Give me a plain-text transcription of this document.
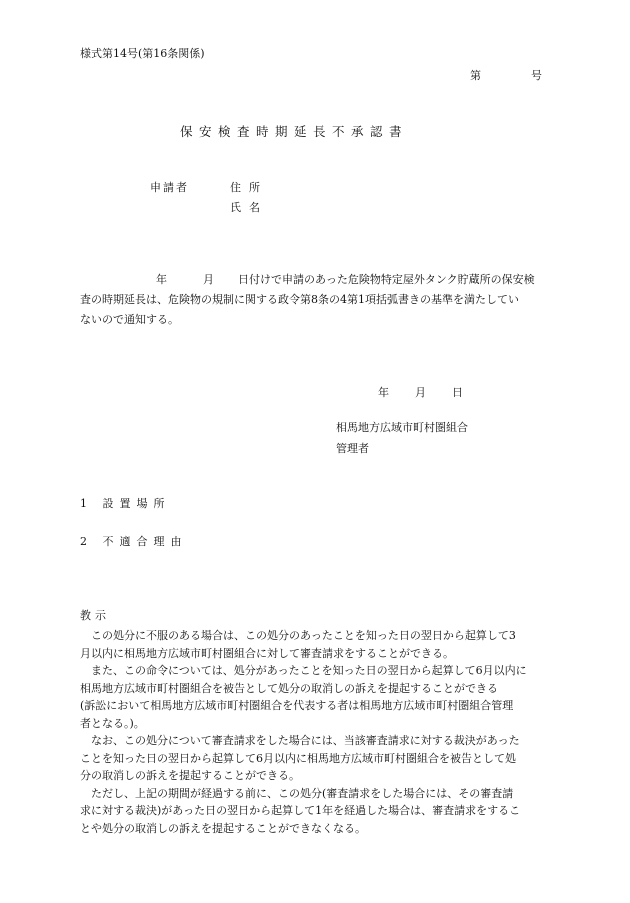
様式第14号(第16条関係)
第	号
保安検査時期延長不承認書
申請者	住所
氏名

年	月 日付けで申請のあった危険物特定屋外タンク貯蔵所の保安検

査の時期延長は、危険物の規制に関する政令第8条の4第1項括弧書きの基準を満たしてい

ないので通知する。

年 月 日
相馬地方広域市町村圏組合
管理者
1 設置場所
2 不適合理由
教示

この処分に不服のある場合は、この処分のあったことを知った日の翌日から起算して3

月以内に相馬地方広域市町村圏組合に対して審査請求をすることができる。

また、この命令については、処分があったことを知った日の翌日から起算して6月以内に

相馬地方広域市町村圏組合を被告として処分の取消しの訴えを提起することができる

(訴訟において相馬地方広域市町村圏組合を代表する者は相馬地方広域市町村圏組合管理

者となる。)。

なお、この処分について審査請求をした場合には、当該審査請求に対する裁決があった

ことを知った日の翌日から起算して6月以内に相馬地方広域市町村圏組合を被告として処

分の取消しの訴えを提起することができる。

ただし、上記の期間が経過する前に、この処分(審査請求をした場合には、その審査請

求に対する裁決)があった日の翌日から起算して1年を経過した場合は、審査請求をするこ

とや処分の取消しの訴えを提起することができなくなる。
